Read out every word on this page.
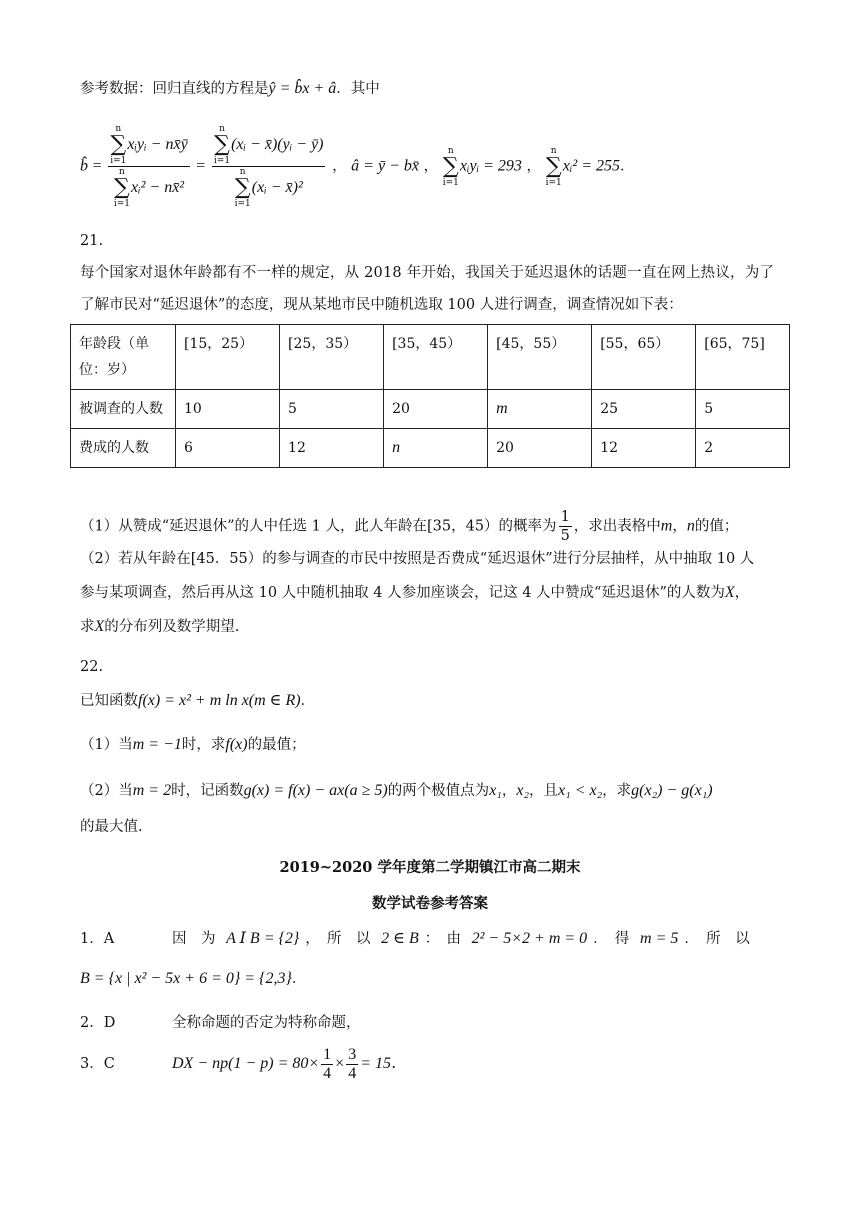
参考数据：回归直线的方程是ŷ = b̂x + â．其中
b̂ = n
∑
i=1
xᵢyᵢ − nx̄ȳ
n
∑
i=1
xᵢ² − nx̄² = n
∑
i=1
(xᵢ − x̄)(yᵢ − ȳ)
n
∑
i=1
(xᵢ − x̄)² ， â = ȳ − bx̄ ，
n
∑
i=1
xᵢyᵢ = 293 ，
n
∑
i=1
xᵢ² = 255．
21.
每个国家对退休年龄都有不一样的规定，从 2018 年开始，我国关于延迟退休的话题一直在网上热议，为了
了解市民对“延迟退休”的态度，现从某地市民中随机选取 100 人进行调查，调查情况如下表：
年龄段（单位：岁）	[15，25）	[25，35）	[35，45）	[45，55）	[55，65）	[65，75]
被调查的人数	10	5	20	m	25	5
费成的人数	6	12	n	20	12	2
（1）从赞成“延迟退休”的人中任选 1 人，此人年龄在[35，45）的概率为 $\frac{1}{5}$ ，求出表格中m，n的值；
（2）若从年龄在[45．55）的参与调查的市民中按照是否费成“延迟退休”进行分层抽样，从中抽取 10 人
参与某项调查，然后再从这 10 人中随机抽取 4 人参加座谈会，记这 4 人中赞成“延迟退休”的人数为X，
求X的分布列及数学期望.
22.
已知函数f(x) = x² + m ln x(m ∈ R)．
（1）当m = −1时，求f(x)的最值；
（2）当m = 2时，记函数g(x) = f(x) − ax(a ≥ 5)的两个极值点为x₁，x₂，且x₁ < x₂，求g(x₂) − g(x₁)
的最大值.
2019~2020 学年度第二学期镇江市高二期末
数学试卷参考答案
1．A	因　为 A Ⅰ B = {2} ，　所　以 2 ∈ B ：　由 2² − 5×2 + m = 0 ．　得 m = 5 ．　所　以
B = {x | x² − 5x + 6 = 0} = {2,3}．
2．D	全称命题的否定为特称命题，
3．C	DX − $np(1 - p) = 80\times \frac{1}{4} \times \frac{3}{4} = 15$．
